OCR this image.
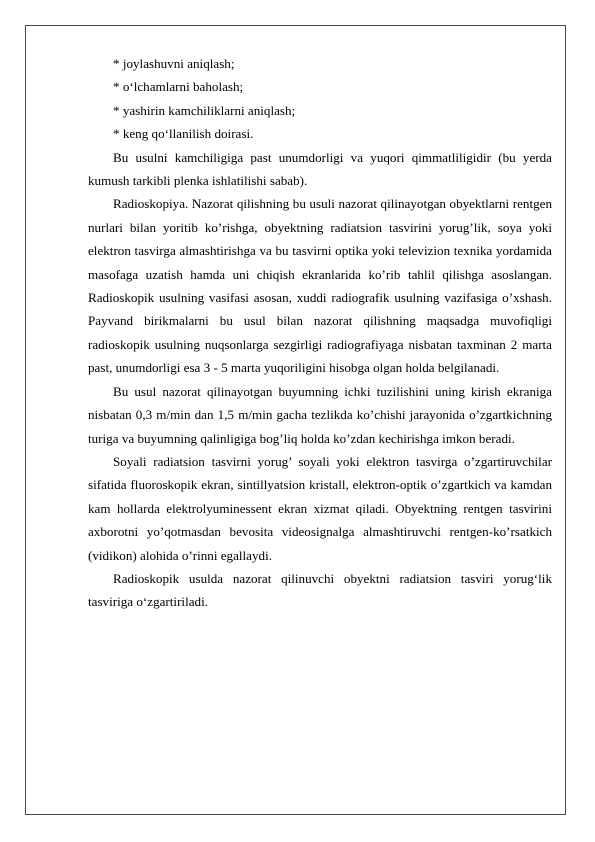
* joylashuvni aniqlash;

* o‘lchamlarni baholash;

* yashirin kamchiliklarni aniqlash;

* keng qo‘llanilish doirasi.

Bu usulni kamchiligiga past unumdorligi va yuqori qimmatliligidir (bu yerda kumush tarkibli plenka ishlatilishi sabab).

Radioskopiya. Nazorat qilishning bu usuli nazorat qilinayotgan obyektlarni rentgen nurlari bilan yoritib ko’rishga, obyektning radiatsion tasvirini yorug’lik, soya yoki elektron tasvirga almashtirishga va bu tasvirni optika yoki televizion texnika yordamida masofaga uzatish hamda uni chiqish ekranlarida ko’rib tahlil qilishga asoslangan. Radioskopik usulning vasifasi asosan, xuddi radiografik usulning vazifasiga o’xshash. Payvand birikmalarni bu usul bilan nazorat qilishning maqsadga muvofiqligi radioskopik usulning nuqsonlarga sezgirligi radiografiyaga nisbatan taxminan 2 marta past, unumdorligi esa 3 - 5 marta yuqoriligini hisobga olgan holda belgilanadi.

Bu usul nazorat qilinayotgan buyumning ichki tuzilishini uning kirish ekraniga nisbatan 0,3 m/min dan 1,5 m/min gacha tezlikda ko’chishi jarayonida o’zgartkichning turiga va buyumning qalinligiga bog’liq holda ko’zdan kechirishga imkon beradi.

Soyali radiatsion tasvirni yorug’ soyali yoki elektron tasvirga o’zgartiruvchilar sifatida fluoroskopik ekran, sintillyatsion kristall, elektron-optik o’zgartkich va kamdan kam hollarda elektrolyuminessent ekran xizmat qiladi. Obyektning rentgen tasvirini axborotni yo’qotmasdan bevosita videosignalga almashtiruvchi rentgen-ko’rsatkich (vidikon) alohida o’rinni egallaydi.

Radioskopik usulda nazorat qilinuvchi obyektni radiatsion tasviri yorug‘lik tasviriga o‘zgartiriladi.
